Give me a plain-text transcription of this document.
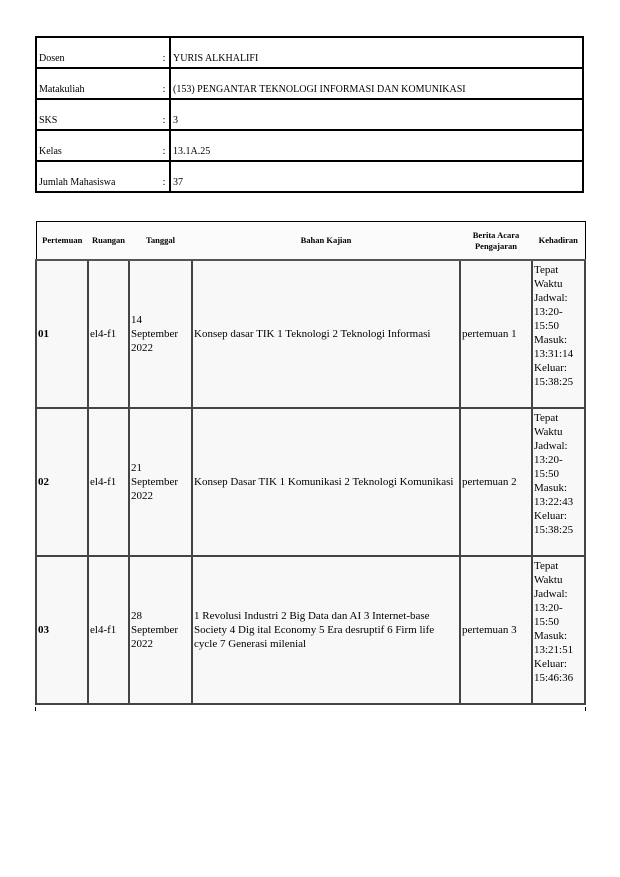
Dosen	:	YURIS ALKHALIFI
Matakuliah	:	(153) PENGANTAR TEKNOLOGI INFORMASI DAN KOMUNIKASI
SKS	:	3
Kelas	:	13.1A.25
Jumlah Mahasiswa	:	37
Pertemuan	Ruangan	Tanggal	Bahan Kajian	Berita Acara Pengajaran	Kehadiran
01	el4-f1	14 September 2022	Konsep dasar TIK 1 Teknologi 2 Teknologi Informasi	pertemuan 1	Tepat Waktu Jadwal: 13:20-15:50 Masuk: 13:31:14 Keluar: 15:38:25
02	el4-f1	21 September 2022	Konsep Dasar TIK 1 Komunikasi 2 Teknologi Komunikasi	pertemuan 2	Tepat Waktu Jadwal: 13:20-15:50 Masuk: 13:22:43 Keluar: 15:38:25
03	el4-f1	28 September 2022	1 Revolusi Industri 2 Big Data dan AI 3 Internet-base Society 4 Dig ital Economy 5 Era desruptif 6 Firm life cycle 7 Generasi milenial	pertemuan 3	Tepat Waktu Jadwal: 13:20-15:50 Masuk: 13:21:51 Keluar: 15:46:36
